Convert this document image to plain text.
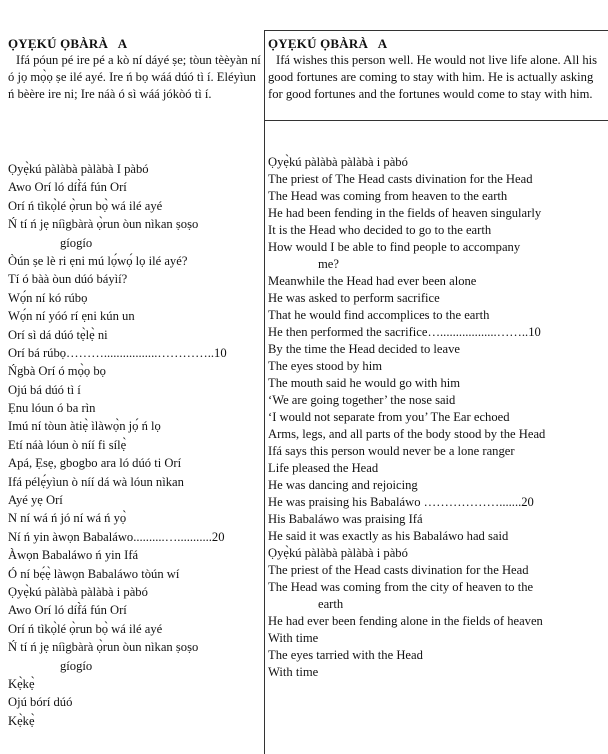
ỌYẸKÚ ỌBÀRÀ   A

Ifá póun pé ire pé a kò ní dáyé ṣe; tòun tèèyàn ní ó jọ mọ̀ọ ṣe ilé ayé. Ire ń bọ wáá dúó tì í. Eléyìun ń bèère ire ni; Ire náà ó sì wáá jókòó tì í.

Ọyẹ̀kú pàlàbà pàlàbà I pàbó
Awo Orí ló díf̀á fún Orí
Orí ń tìkọ̀lé ọ̀run bọ̀ wá ilé ayé
Ń tí ń jẹ níìgbàrà ọ̀run òun nìkan ṣoṣo
gíogío
Òún ṣe lè ri ẹni mú lọ́wọ́ lọ ilé ayé?
Tí ó bàà òun dúó báyìí?
Wọ́n ní kó rúbọ
Wọ́n ní yóó rí ẹni kún un
Orí sì dá dúó tẹ̀lẹ̀ ni
Orí bá rúbọ……….................…………..10
Ńgbà Orí ó mọ̀ọ bọ
Ojú bá dúó tì í
Ẹnu lóun ó ba rìn
Imú ní tòun àtiẹ̀ ìlàwọ̀n jọ́ ń lọ
Etí náà lóun ò níí fi sílẹ̀
Apá, Ẹsẹ, gbogbo ara ló dúó ti Orí
Ifá pélẹ́yìun ò níí dá wà lóun nìkan
Ayé yẹ Orí
N ní wá ń jó ní wá ń yọ̀
Ní ń yin àwọn Babaláwo..........…...........20
Àwọn Babaláwo ń yin Ifá
Ó ní bẹ́ẹ̀ làwọn Babaláwo tòún wí
Ọyẹ̀kú pàlàbà pàlàbà i pàbó
Awo Orí ló díf̀á fún Orí
Orí ń tìkọ̀lé ọ̀run bọ̀ wá ilé ayé
Ń tí ń jẹ níìgbàrà ọ̀run òun nìkan ṣoṣo
gíogío
Kẹ̀kẹ̀
Ojú bórí dúó
Kẹ̀kẹ̀
ỌYẸKÚ ỌBÀRÀ   A

Ifá wishes this person well. He would not live life alone. All his good fortunes are coming to stay with him. He is actually asking for good fortunes and the fortunes would come to stay with him.

Ọyẹ̀kú pàlàbà pàlàbà i pàbó
The priest of The Head casts divination for the Head
The Head was coming from heaven to the earth
He had been fending in the fields of heaven singularly
It is the Head who decided to go to the earth
How would I be able to find people to accompany
me?
Meanwhile the Head had ever been alone
He was asked to perform sacrifice
That he would find accomplices to the earth
He then performed the sacrifice…..................……..10
By the time the Head decided to leave
The eyes stood by him
The mouth said he would go with him
‘We are going together’ the nose said
‘I would not separate from you’ The Ear echoed
Arms, legs, and all parts of the body stood by the Head
Ifá says this person would never be a lone ranger
Life pleased the Head
He was dancing and rejoicing
He was praising his Babaláwo ……………….......20
His Babaláwo was praising Ifá
He said it was exactly as his Babaláwo had said
Ọyẹ̀kú pàlàbà pàlàbà i pàbó
The priest of the Head casts divination for the Head
The Head was coming from the city of heaven to the
earth
He had ever been fending alone in the fields of heaven
With time
The eyes tarried with the Head
With time
